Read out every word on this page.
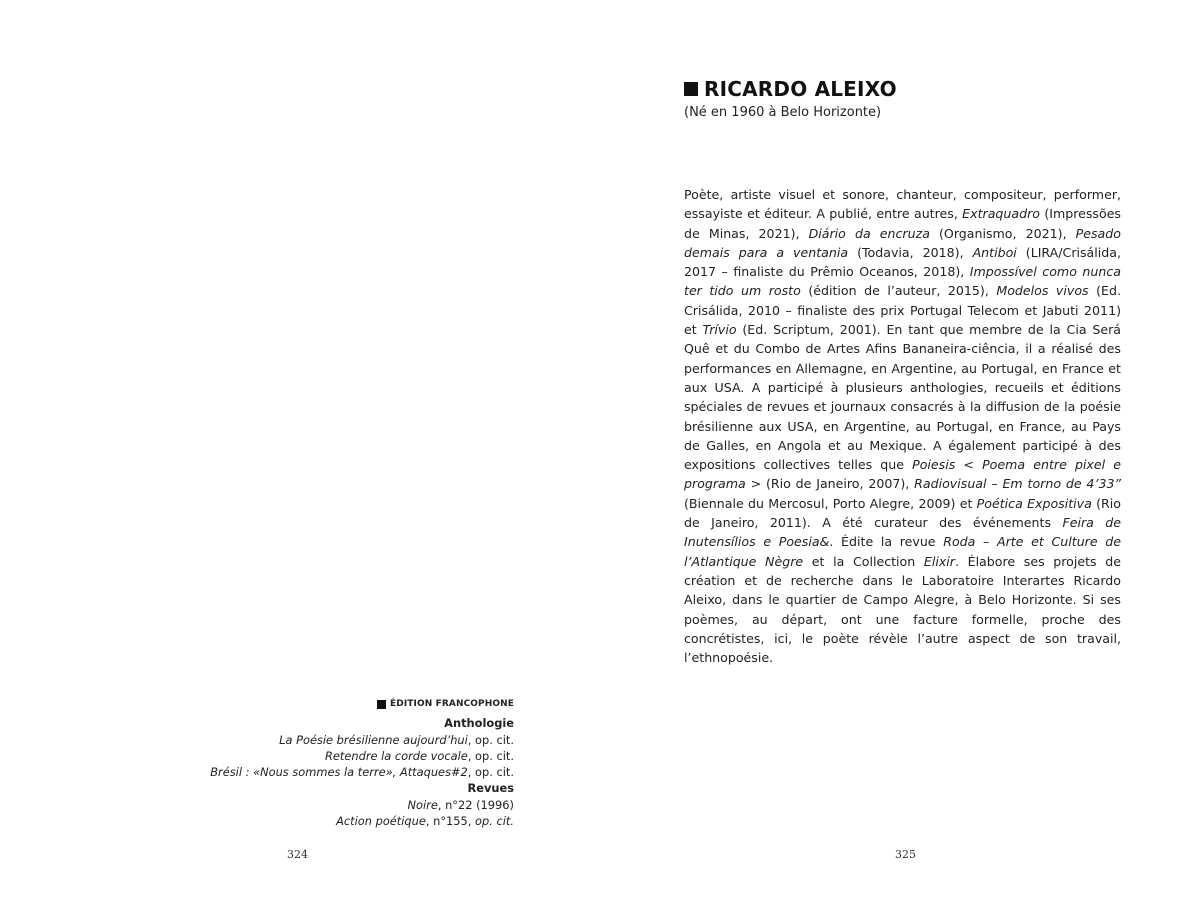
ÉDITION FRANCOPHONE
Anthologie
La Poésie brésilienne aujourd’hui, op. cit.
Retendre la corde vocale, op. cit.
Brésil : «Nous sommes la terre», Attaques#2, op. cit.
Revues
Noire, n°22 (1996)
Action poétique, n°155, op. cit.
324
RICARDO ALEIXO
(Né en 1960 à Belo Horizonte)
Poète, artiste visuel et sonore, chanteur, compositeur, performer, essayiste et éditeur. A publié, entre autres, Extraquadro (Impressões de Minas, 2021), Diário da encruza (Organismo, 2021), Pesado demais para a ventania (Todavia, 2018), Antiboi (LIRA/Crisálida, 2017 – finaliste du Prêmio Oceanos, 2018), Impossível como nunca ter tido um rosto (édition de l’auteur, 2015), Modelos vivos (Ed. Crisálida, 2010 – finaliste des prix Portugal Telecom et Jabuti 2011) et Trívio (Ed. Scriptum, 2001). En tant que membre de la Cia Será Quê et du Combo de Artes Afins Bananeira-ciência, il a réalisé des performances en Allemagne, en Argentine, au Portugal, en France et aux USA. A participé à plusieurs anthologies, recueils et éditions spéciales de revues et journaux consacrés à la diffusion de la poésie brésilienne aux USA, en Argentine, au Portugal, en France, au Pays de Galles, en Angola et au Mexique. A également participé à des expositions collectives telles que Poiesis < Poema entre pixel e programa > (Rio de Janeiro, 2007), Radiovisual – Em torno de 4’33” (Biennale du Mercosul, Porto Alegre, 2009) et Poética Expositiva (Rio de Janeiro, 2011). A été curateur des événements Feira de Inutensílios e Poesia&. Édite la revue Roda – Arte et Culture de l’Atlantique Nègre et la Collection Elixir. Élabore ses projets de création et de recherche dans le Laboratoire Interartes Ricardo Aleixo, dans le quartier de Campo Alegre, à Belo Horizonte. Si ses poèmes, au départ, ont une facture formelle, proche des concrétistes, ici, le poète révèle l’autre aspect de son travail, l’ethnopoésie.
325
